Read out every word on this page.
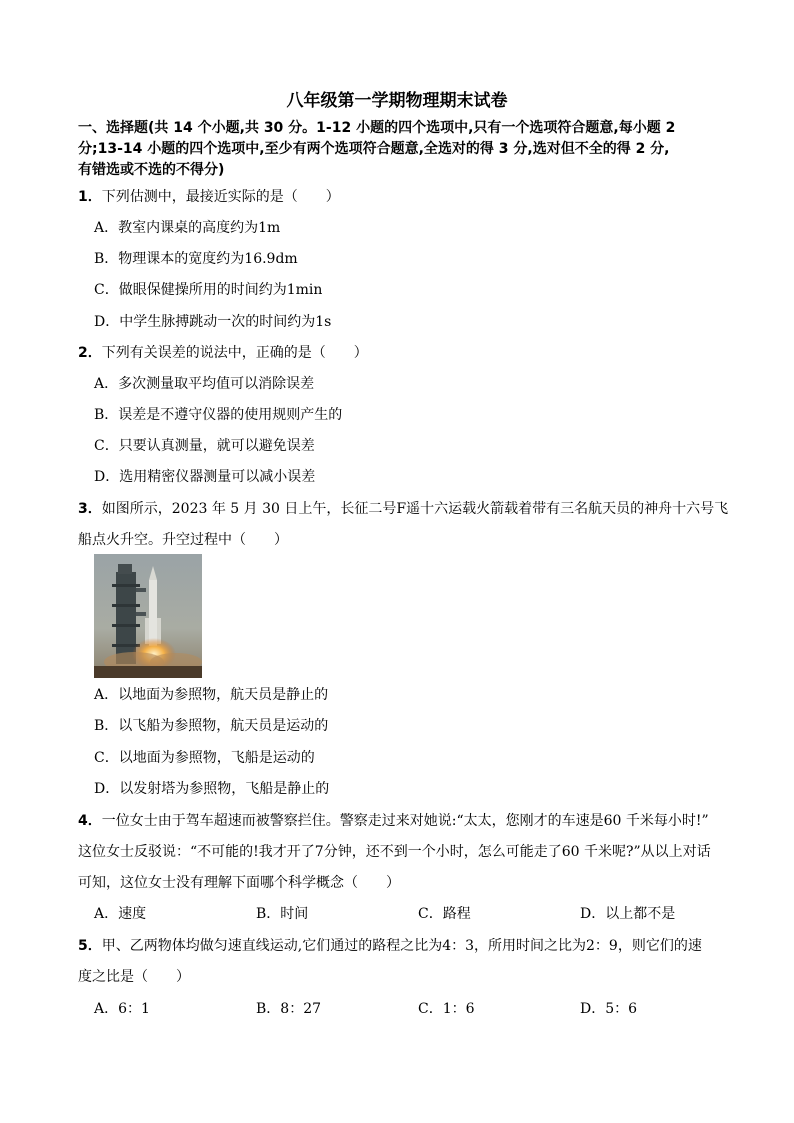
八年级第一学期物理期末试卷
一、选择题(共 14 个小题,共 30 分。1-12 小题的四个选项中,只有一个选项符合题意,每小题 2
分;13-14 小题的四个选项中,至少有两个选项符合题意,全选对的得 3 分,选对但不全的得 2 分,
有错选或不选的不得分)
1．下列估测中，最接近实际的是（　　）
A．教室内课桌的高度约为1m
B．物理课本的宽度约为16.9dm
C．做眼保健操所用的时间约为1min
D．中学生脉搏跳动一次的时间约为1s
2．下列有关误差的说法中，正确的是（　　）
A．多次测量取平均值可以消除误差
B．误差是不遵守仪器的使用规则产生的
C．只要认真测量，就可以避免误差
D．选用精密仪器测量可以减小误差
3．如图所示，2023 年 5 月 30 日上午，长征二号F遥十六运载火箭载着带有三名航天员的神舟十六号飞
船点火升空。升空过程中（　　）
A．以地面为参照物，航天员是静止的
B．以飞船为参照物，航天员是运动的
C．以地面为参照物，飞船是运动的
D．以发射塔为参照物，飞船是静止的
4．一位女士由于驾车超速而被警察拦住。警察走过来对她说:“太太，您刚才的车速是60 千米每小时!”
这位女士反驳说：“不可能的!我才开了7分钟，还不到一个小时，怎么可能走了60 千米呢?”从以上对话
可知，这位女士没有理解下面哪个科学概念（　　）
A．速度	B．时间	C．路程	D．以上都不是
5．甲、乙两物体均做匀速直线运动,它们通过的路程之比为4：3，所用时间之比为2：9，则它们的速
度之比是（　　）
A．6：1	B．8：27	C．1：6	D．5：6
